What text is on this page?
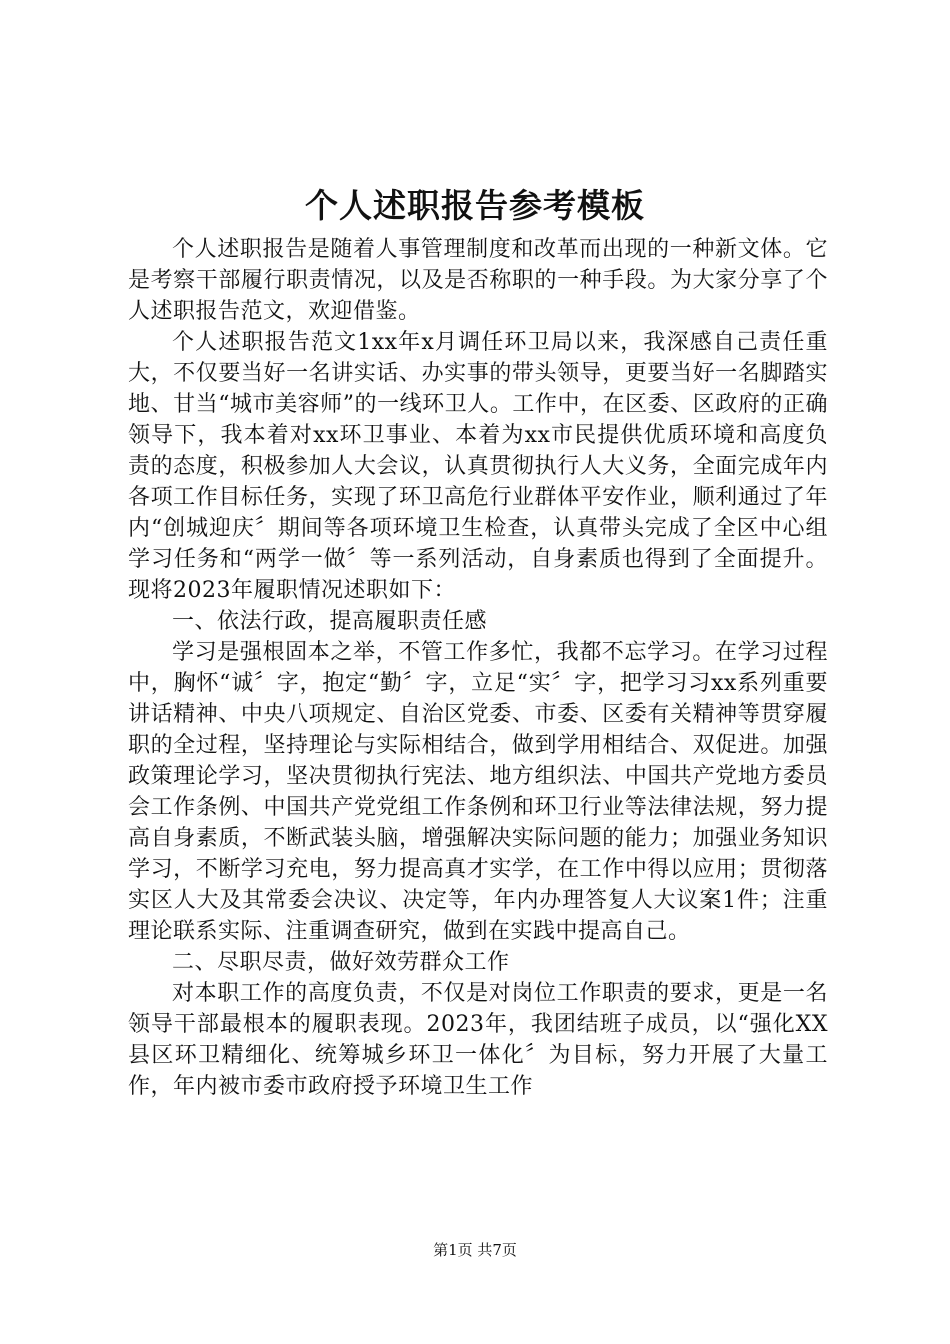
个人述职报告参考模板

个人述职报告是随着人事管理制度和改革而出现的一种新文体。它是考察干部履行职责情况，以及是否称职的一种手段。为大家分享了个人述职报告范文，欢迎借鉴。

个人述职报告范文1xx年x月调任环卫局以来，我深感自己责任重大，不仅要当好一名讲实话、办实事的带头领导，更要当好一名脚踏实地、甘当“城市美容师”的一线环卫人。工作中，在区委、区政府的正确领导下，我本着对xx环卫事业、本着为xx市民提供优质环境和高度负责的态度，积极参加人大会议，认真贯彻执行人大义务，全面完成年内各项工作目标任务，实现了环卫高危行业群体平安作业，顺利通过了年内“创城迎庆〞期间等各项环境卫生检查，认真带头完成了全区中心组学习任务和“两学一做〞等一系列活动，自身素质也得到了全面提升。现将2023年履职情况述职如下：

一、依法行政，提高履职责任感

学习是强根固本之举，不管工作多忙，我都不忘学习。在学习过程中，胸怀“诚〞字，抱定“勤〞字，立足“实〞字，把学习习xx系列重要讲话精神、中央八项规定、自治区党委、市委、区委有关精神等贯穿履职的全过程，坚持理论与实际相结合，做到学用相结合、双促进。加强政策理论学习，坚决贯彻执行宪法、地方组织法、中国共产党地方委员会工作条例、中国共产党党组工作条例和环卫行业等法律法规，努力提高自身素质，不断武装头脑，增强解决实际问题的能力；加强业务知识学习，不断学习充电，努力提高真才实学，在工作中得以应用；贯彻落实区人大及其常委会决议、决定等，年内办理答复人大议案1件；注重理论联系实际、注重调查研究，做到在实践中提高自己。

二、尽职尽责，做好效劳群众工作

对本职工作的高度负责，不仅是对岗位工作职责的要求，更是一名领导干部最根本的履职表现。2023年，我团结班子成员，以“强化XX县区环卫精细化、统筹城乡环卫一体化〞为目标，努力开展了大量工作，年内被市委市政府授予环境卫生工作

第1页 共7页
